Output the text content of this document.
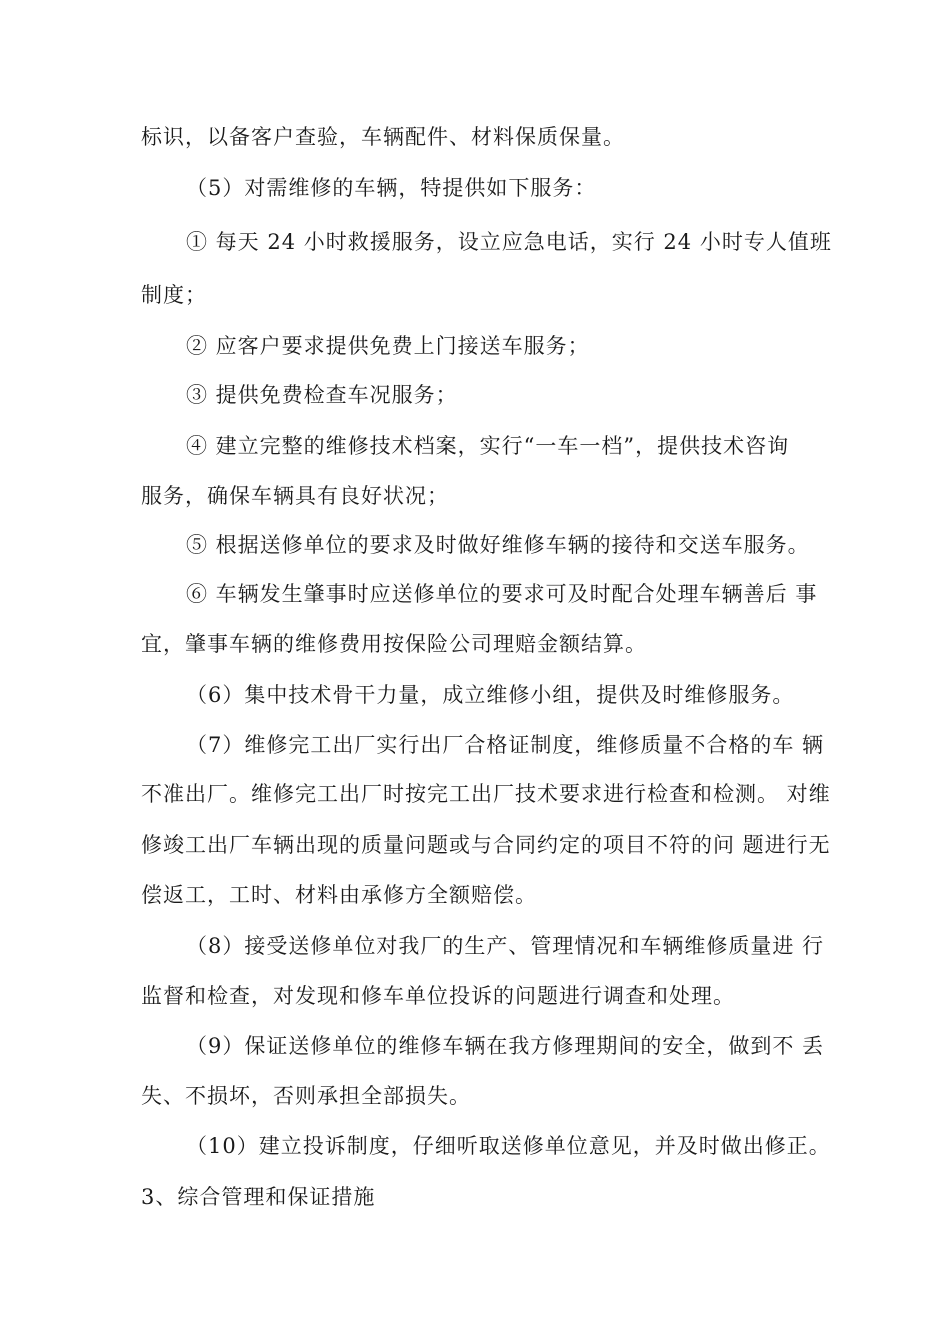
标识，以备客户查验，车辆配件、材料保质保量。
（5）对需维修的车辆，特提供如下服务：
① 每天 24 小时救援服务，设立应急电话，实行 24 小时专人值班
制度；
② 应客户要求提供免费上门接送车服务；
③ 提供免费检查车况服务；
④ 建立完整的维修技术档案，实行“一车一档”，提供技术咨询
服务，确保车辆具有良好状况；
⑤ 根据送修单位的要求及时做好维修车辆的接待和交送车服务。
⑥ 车辆发生肇事时应送修单位的要求可及时配合处理车辆善后 事
宜，肇事车辆的维修费用按保险公司理赔金额结算。
（6）集中技术骨干力量，成立维修小组，提供及时维修服务。
（7）维修完工出厂实行出厂合格证制度，维修质量不合格的车 辆
不准出厂。维修完工出厂时按完工出厂技术要求进行检查和检测。 对维
修竣工出厂车辆出现的质量问题或与合同约定的项目不符的问 题进行无
偿返工，工时、材料由承修方全额赔偿。
（8）接受送修单位对我厂的生产、管理情况和车辆维修质量进 行
监督和检查，对发现和修车单位投诉的问题进行调查和处理。
（9）保证送修单位的维修车辆在我方修理期间的安全，做到不 丢
失、不损坏，否则承担全部损失。
（10）建立投诉制度，仔细听取送修单位意见，并及时做出修正。
3、综合管理和保证措施
